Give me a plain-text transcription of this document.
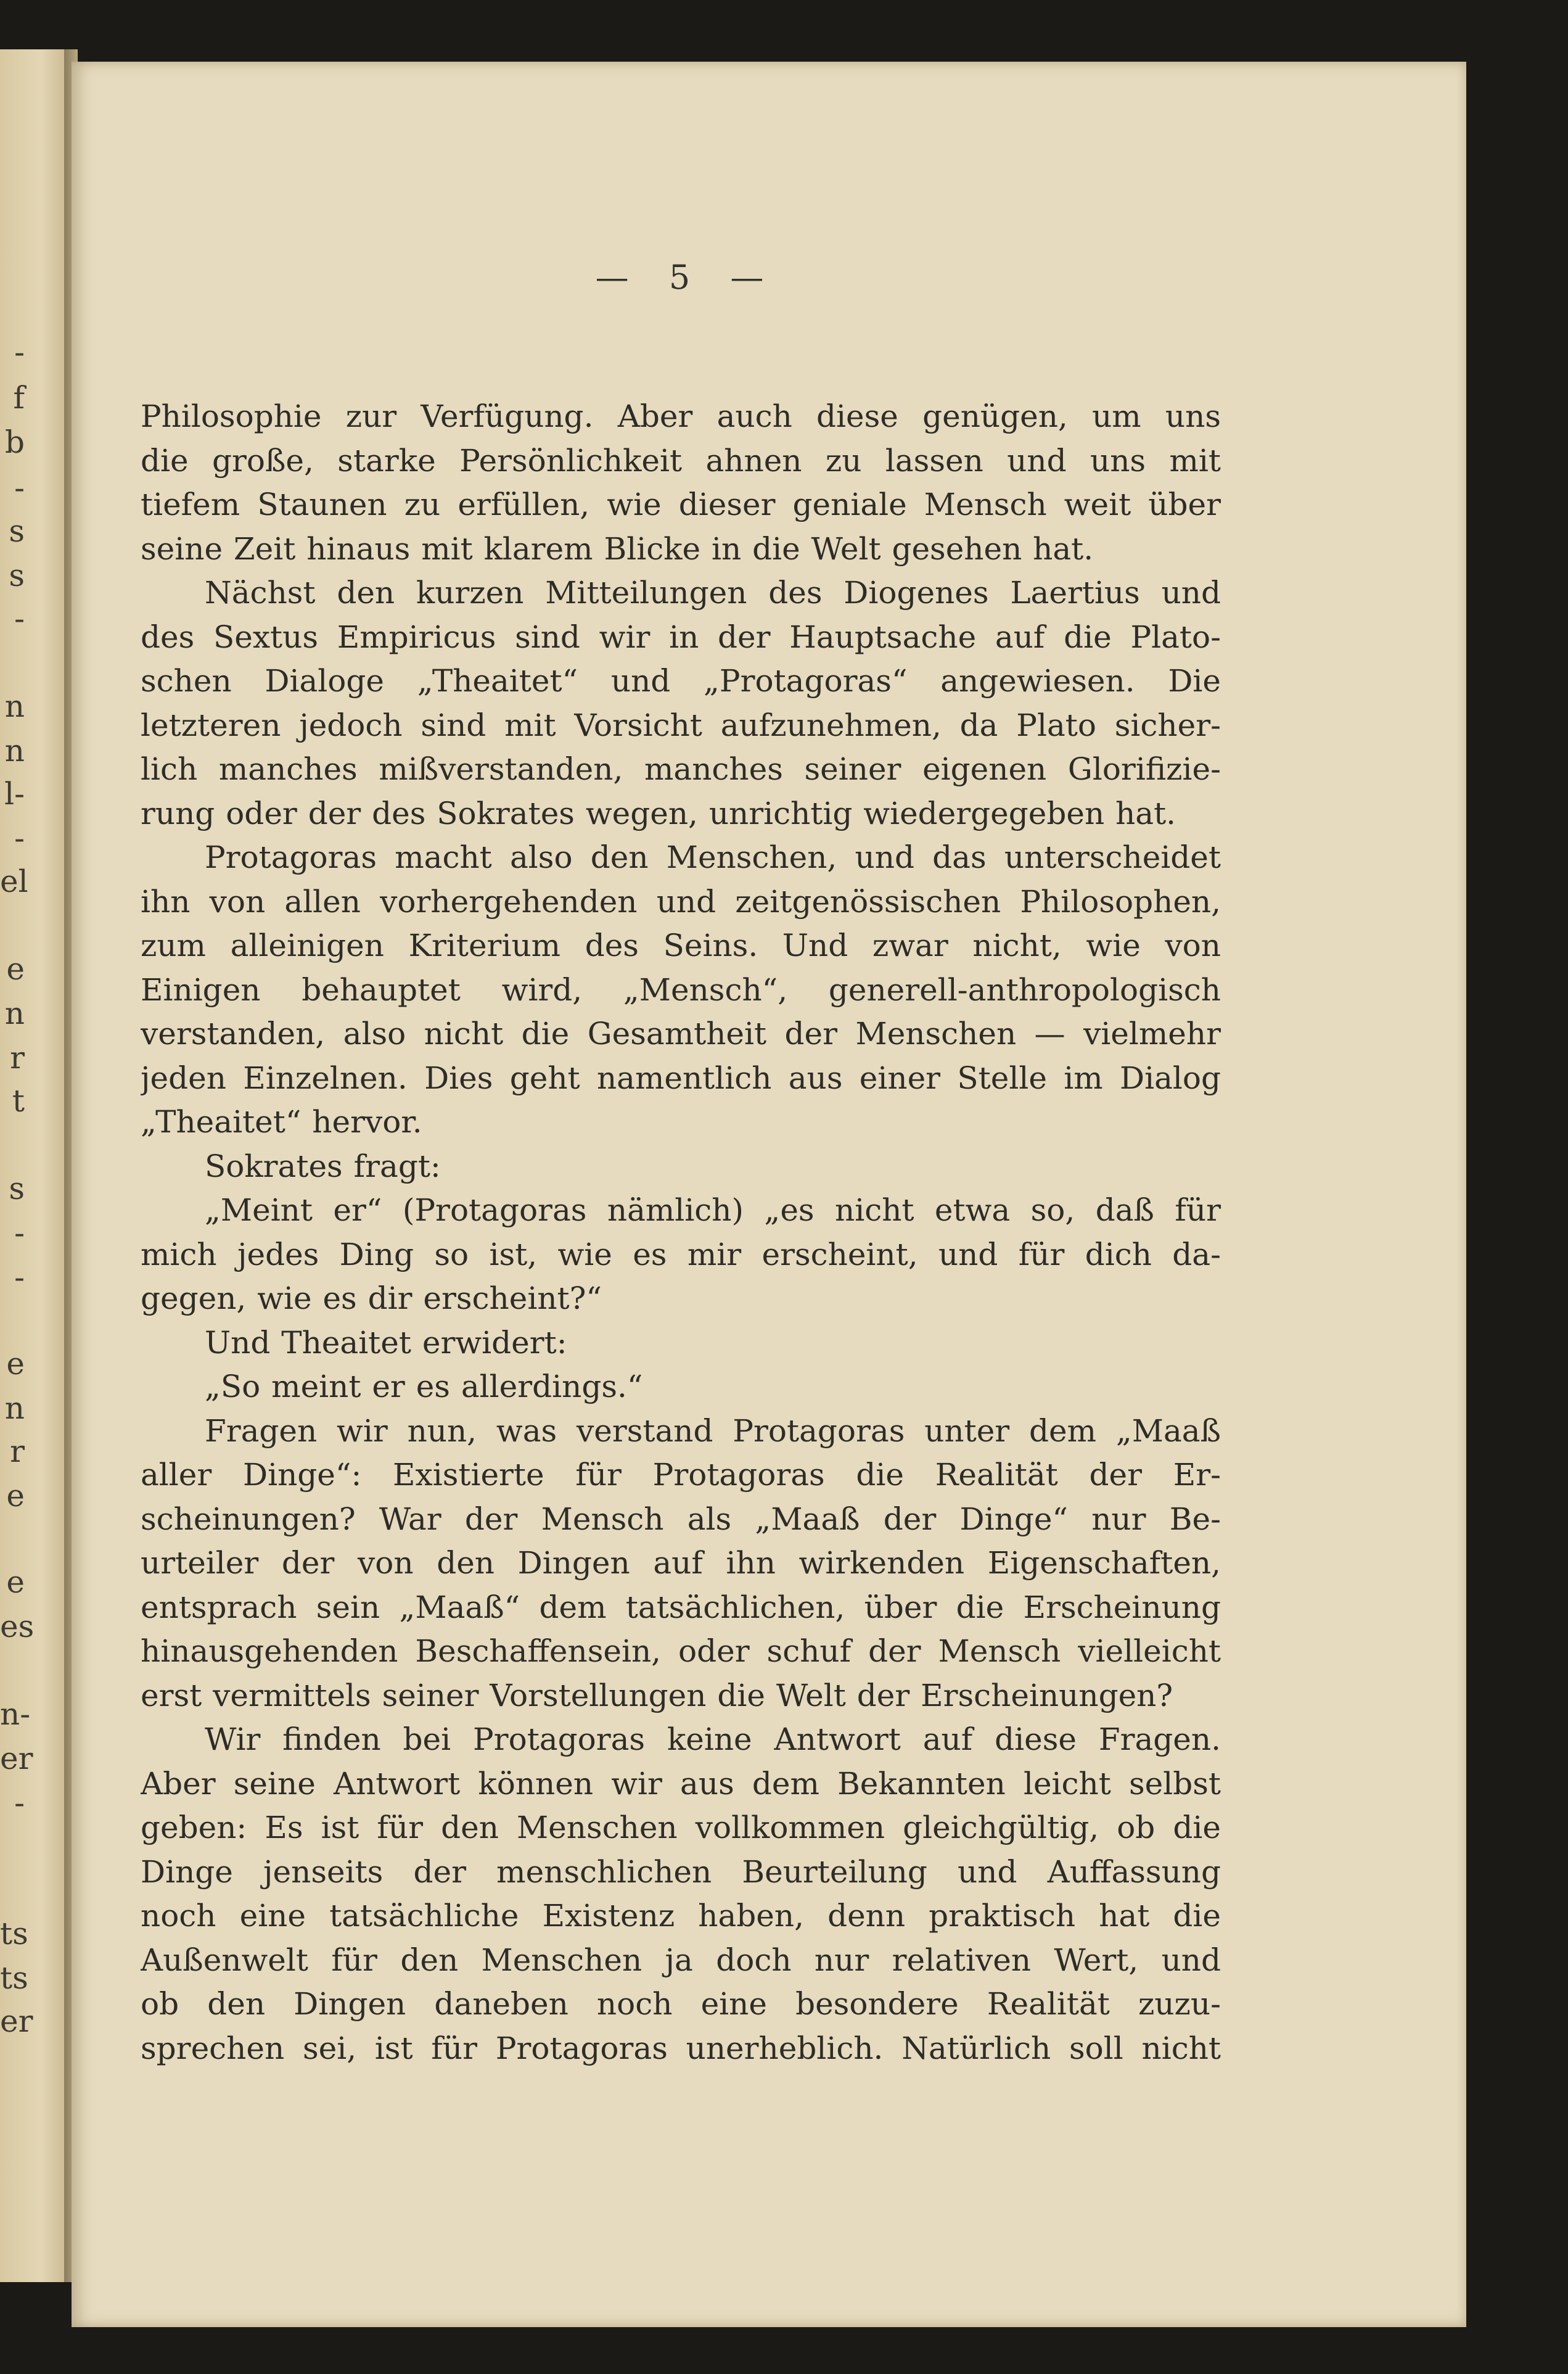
-
f
b
-
s
s
-
n
n
l-
-
el
e
n
r
t
s
-
-
e
n
r
e
e
es
n-
er
-
ts
ts
er
— 5 —
Philosophie zur Verfügung. Aber auch diese genügen, um uns
die große, starke Persönlichkeit ahnen zu lassen und uns mit
tiefem Staunen zu erfüllen, wie dieser geniale Mensch weit über
seine Zeit hinaus mit klarem Blicke in die Welt gesehen hat.
Nächst den kurzen Mitteilungen des Diogenes Laertius und
des Sextus Empiricus sind wir in der Hauptsache auf die Plato-
schen Dialoge „Theaitet“ und „Protagoras“ angewiesen. Die
letzteren jedoch sind mit Vorsicht aufzunehmen, da Plato sicher-
lich manches mißverstanden, manches seiner eigenen Glorifizie-
rung oder der des Sokrates wegen, unrichtig wiedergegeben hat.
Protagoras macht also den Menschen, und das unterscheidet
ihn von allen vorhergehenden und zeitgenössischen Philosophen,
zum alleinigen Kriterium des Seins. Und zwar nicht, wie von
Einigen behauptet wird, „Mensch“, generell-anthropologisch
verstanden, also nicht die Gesamtheit der Menschen — vielmehr
jeden Einzelnen. Dies geht namentlich aus einer Stelle im Dialog
„Theaitet“ hervor.
Sokrates fragt:
„Meint er“ (Protagoras nämlich) „es nicht etwa so, daß für
mich jedes Ding so ist, wie es mir erscheint, und für dich da-
gegen, wie es dir erscheint?“
Und Theaitet erwidert:
„So meint er es allerdings.“
Fragen wir nun, was verstand Protagoras unter dem „Maaß
aller Dinge“: Existierte für Protagoras die Realität der Er-
scheinungen? War der Mensch als „Maaß der Dinge“ nur Be-
urteiler der von den Dingen auf ihn wirkenden Eigenschaften,
entsprach sein „Maaß“ dem tatsächlichen, über die Erscheinung
hinausgehenden Beschaffensein, oder schuf der Mensch vielleicht
erst vermittels seiner Vorstellungen die Welt der Erscheinungen?
Wir finden bei Protagoras keine Antwort auf diese Fragen.
Aber seine Antwort können wir aus dem Bekannten leicht selbst
geben: Es ist für den Menschen vollkommen gleichgültig, ob die
Dinge jenseits der menschlichen Beurteilung und Auffassung
noch eine tatsächliche Existenz haben, denn praktisch hat die
Außenwelt für den Menschen ja doch nur relativen Wert, und
ob den Dingen daneben noch eine besondere Realität zuzu-
sprechen sei, ist für Protagoras unerheblich. Natürlich soll nicht
